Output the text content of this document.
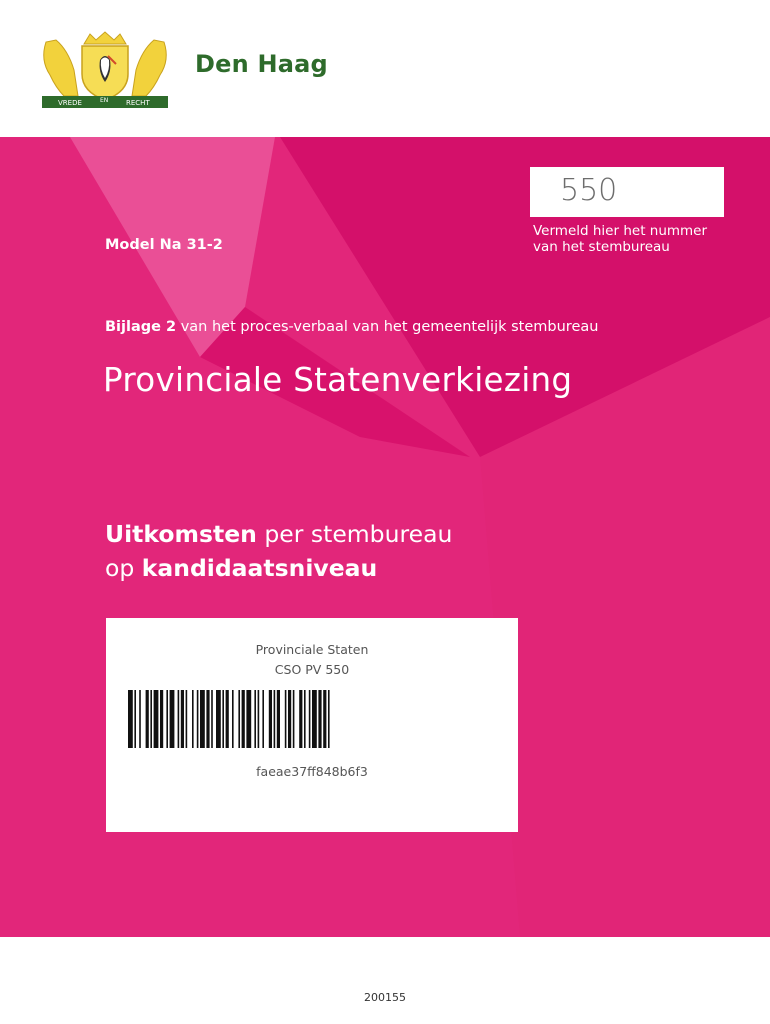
VREDE	EN	RECHT
Den Haag
550
Vermeld hier het nummer
van het stembureau
Model Na 31-2
Bijlage 2 van het proces-verbaal van het gemeentelijk stembureau
Provinciale Statenverkiezing
Uitkomsten per stembureau
op kandidaatsniveau
Provinciale Staten
CSO PV 550
faeae37ff848b6f3
200155
